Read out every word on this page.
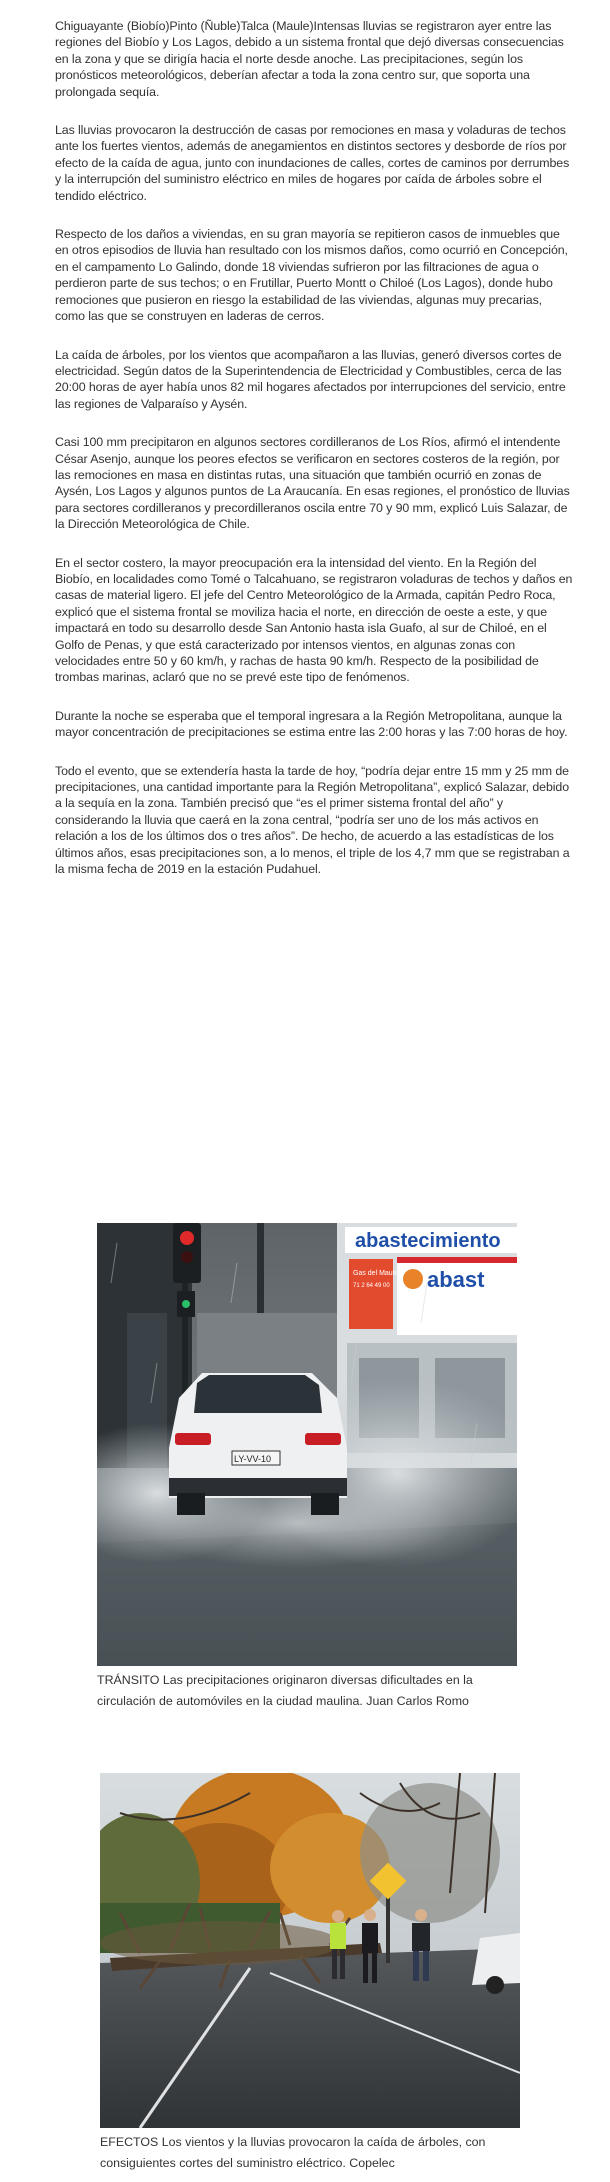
Chiguayante (Biobío)Pinto (Ñuble)Talca (Maule)Intensas lluvias se registraron ayer entre las regiones del Biobío y Los Lagos, debido a un sistema frontal que dejó diversas consecuencias en la zona y que se dirigía hacia el norte desde anoche. Las precipitaciones, según los pronósticos meteorológicos, deberían afectar a toda la zona centro sur, que soporta una prolongada sequía.

Las lluvias provocaron la destrucción de casas por remociones en masa y voladuras de techos ante los fuertes vientos, además de anegamientos en distintos sectores y desborde de ríos por efecto de la caída de agua, junto con inundaciones de calles, cortes de caminos por derrumbes y la interrupción del suministro eléctrico en miles de hogares por caída de árboles sobre el tendido eléctrico.

Respecto de los daños a viviendas, en su gran mayoría se repitieron casos de inmuebles que en otros episodios de lluvia han resultado con los mismos daños, como ocurrió en Concepción, en el campamento Lo Galindo, donde 18 viviendas sufrieron por las filtraciones de agua o perdieron parte de sus techos; o en Frutillar, Puerto Montt o Chiloé (Los Lagos), donde hubo remociones que pusieron en riesgo la estabilidad de las viviendas, algunas muy precarias, como las que se construyen en laderas de cerros.

La caída de árboles, por los vientos que acompañaron a las lluvias, generó diversos cortes de electricidad. Según datos de la Superintendencia de Electricidad y Combustibles, cerca de las 20:00 horas de ayer había unos 82 mil hogares afectados por interrupciones del servicio, entre las regiones de Valparaíso y Aysén.

Casi 100 mm precipitaron en algunos sectores cordilleranos de Los Ríos, afirmó el intendente César Asenjo, aunque los peores efectos se verificaron en sectores costeros de la región, por las remociones en masa en distintas rutas, una situación que también ocurrió en zonas de Aysén, Los Lagos y algunos puntos de La Araucanía. En esas regiones, el pronóstico de lluvias para sectores cordilleranos y precordilleranos oscila entre 70 y 90 mm, explicó Luis Salazar, de la Dirección Meteorológica de Chile.

En el sector costero, la mayor preocupación era la intensidad del viento. En la Región del Biobío, en localidades como Tomé o Talcahuano, se registraron voladuras de techos y daños en casas de material ligero. El jefe del Centro Meteorológico de la Armada, capitán Pedro Roca, explicó que el sistema frontal se moviliza hacia el norte, en dirección de oeste a este, y que impactará en todo su desarrollo desde San Antonio hasta isla Guafo, al sur de Chiloé, en el Golfo de Penas, y que está caracterizado por intensos vientos, en algunas zonas con velocidades entre 50 y 60 km/h, y rachas de hasta 90 km/h. Respecto de la posibilidad de trombas marinas, aclaró que no se prevé este tipo de fenómenos.

Durante la noche se esperaba que el temporal ingresara a la Región Metropolitana, aunque la mayor concentración de precipitaciones se estima entre las 2:00 horas y las 7:00 horas de hoy.

Todo el evento, que se extendería hasta la tarde de hoy, “podría dejar entre 15 mm y 25 mm de precipitaciones, una cantidad importante para la Región Metropolitana”, explicó Salazar, debido a la sequía en la zona. También precisó que “es el primer sistema frontal del año” y considerando la lluvia que caerá en la zona central, “podría ser uno de los más activos en relación a los de los últimos dos o tres años”. De hecho, de acuerdo a las estadísticas de los últimos años, esas precipitaciones son, a lo menos, el triple de los 4,7 mm que se registraban a la misma fecha de 2019 en la estación Pudahuel.

abastecimiento
abast
Gas del Maule
71 2 64 49 00
LY-VV-10
TRÁNSITO Las precipitaciones originaron diversas dificultades en la circulación de automóviles en la ciudad maulina. Juan Carlos Romo
EFECTOS Los vientos y la lluvias provocaron la caída de árboles, con consiguientes cortes del suministro eléctrico. Copelec
